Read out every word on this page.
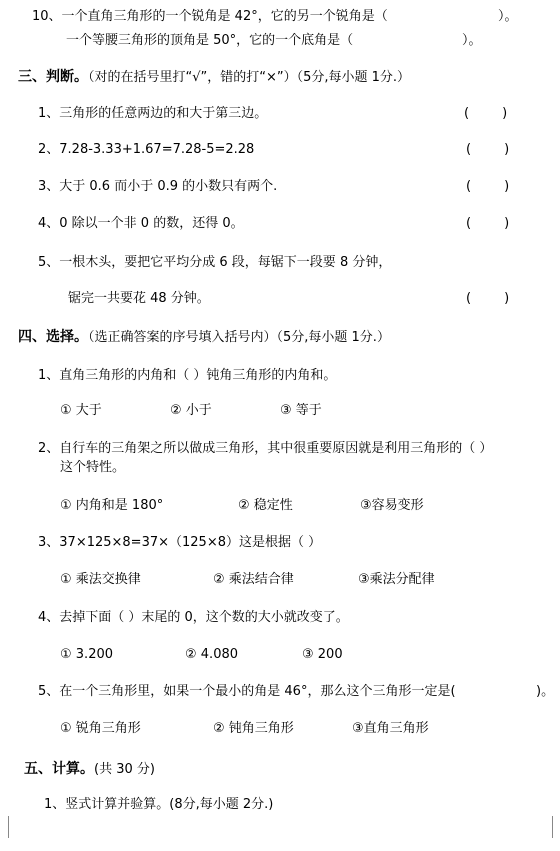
10、一个直角三角形的一个锐角是 42°，它的另一个锐角是（	）。
一个等腰三角形的顶角是 50°，它的一个底角是（	）。
三、判断。（对的在括号里打“√”，错的打“×”）（5分,每小题 1分.）
1、三角形的任意两边的和大于第三边。	(        )
2、7.28-3.33+1.67=7.28-5=2.28	(        )
3、大于 0.6 而小于 0.9 的小数只有两个.	(        )
4、0 除以一个非 0 的数，还得 0。	(        )
5、一根木头，要把它平均分成 6 段，每锯下一段要 8 分钟，
锯完一共要花 48 分钟。	(        )
四、选择。（选正确答案的序号填入括号内）（5分,每小题 1分.）
1、直角三角形的内角和（ ）钝角三角形的内角和。
① 大于	② 小于	③ 等于
2、自行车的三角架之所以做成三角形，其中很重要原因就是利用三角形的（ ）
这个特性。
① 内角和是 180°	② 稳定性	③容易变形
3、37×125×8=37×（125×8）这是根据（ ）
① 乘法交换律	② 乘法结合律	③乘法分配律
4、去掉下面（ ）末尾的 0，这个数的大小就改变了。
① 3.200	② 4.080	③ 200
5、在一个三角形里，如果一个最小的角是 46°，那么这个三角形一定是(	)。
① 锐角三角形	② 钝角三角形	③直角三角形
五、计算。(共 30 分)
1、竖式计算并验算。(8分,每小题 2分.)
